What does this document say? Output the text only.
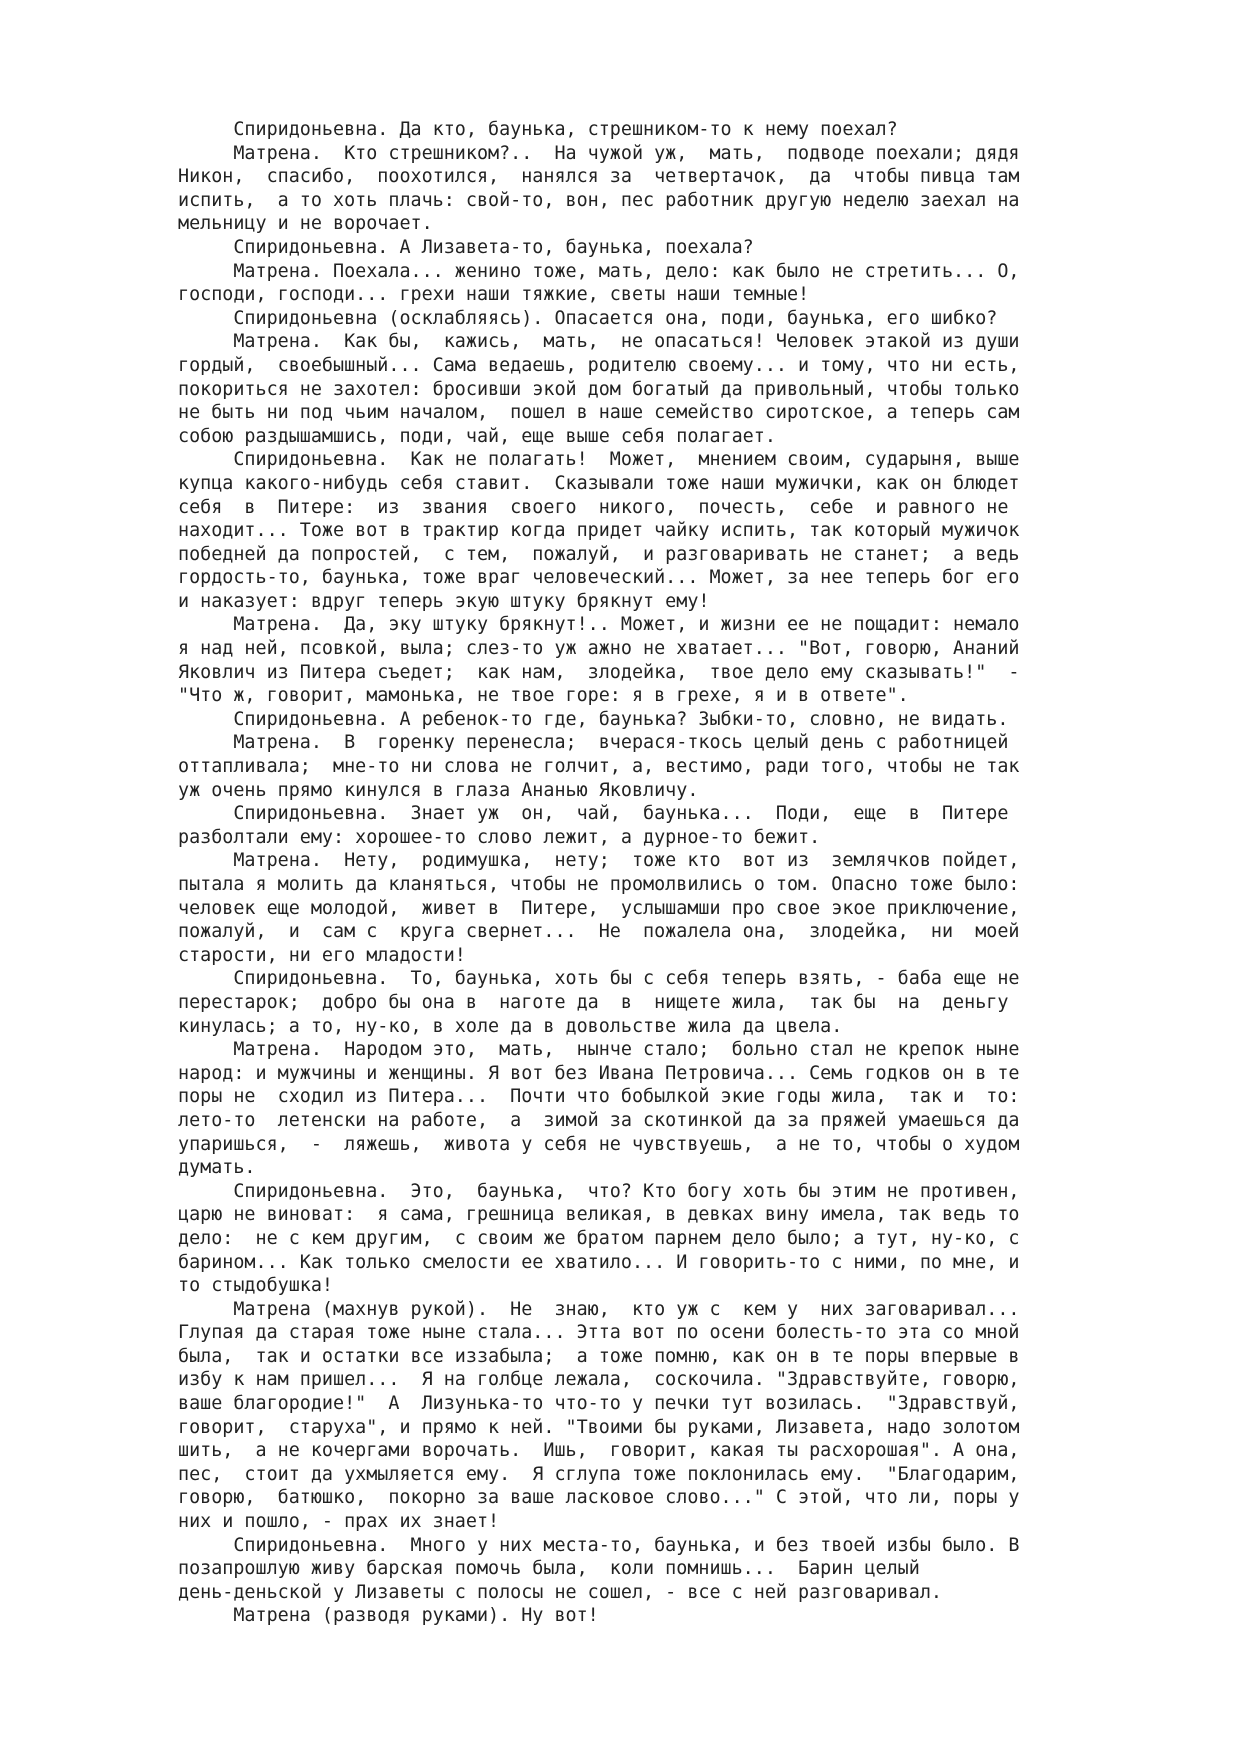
Спиридоньевна. Да кто, баунька, стрешником-то к нему поехал?
Матрена.  Кто стрешником?..  На чужой уж,  мать,  подводе поехали; дядя
Никон,  спасибо,  поохотился,  нанялся за  четвертачок,  да  чтобы пивца там
испить,  а то хоть плачь: свой-то, вон, пес работник другую неделю заехал на
мельницу и не ворочает.
Спиридоньевна. А Лизавета-то, баунька, поехала?
Матрена. Поехала... женино тоже, мать, дело: как было не стретить... О,
господи, господи... грехи наши тяжкие, светы наши темные!
Спиридоньевна (осклабляясь). Опасается она, поди, баунька, его шибко?
Матрена.  Как бы,  кажись,  мать,  не опасаться! Человек этакой из души
гордый,  своебышный... Сама ведаешь, родителю своему... и тому, что ни есть,
покориться не захотел: бросивши экой дом богатый да привольный, чтобы только
не быть ни под чьим началом,  пошел в наше семейство сиротское, а теперь сам
собою раздышамшись, поди, чай, еще выше себя полагает.
Спиридоньевна.  Как не полагать!  Может,  мнением своим, сударыня, выше
купца какого-нибудь себя ставит.  Сказывали тоже наши мужички, как он блюдет
себя  в  Питере:  из  звания  своего  никого,  почесть,  себе  и равного не
находит... Тоже вот в трактир когда придет чайку испить, так который мужичок
победней да попростей,  с тем,  пожалуй,  и разговаривать не станет;  а ведь
гордость-то, баунька, тоже враг человеческий... Может, за нее теперь бог его
и наказует: вдруг теперь экую штуку брякнут ему!
Матрена.  Да, эку штуку брякнут!.. Может, и жизни ее не пощадит: немало
я над ней, псовкой, выла; слез-то уж ажно не хватает... "Вот, говорю, Ананий
Яковлич из Питера съедет;  как нам,  злодейка,  твое дело ему сказывать!"  -
"Что ж, говорит, мамонька, не твое горе: я в грехе, я и в ответе".
Спиридоньевна. А ребенок-то где, баунька? Зыбки-то, словно, не видать.
Матрена.  В  горенку перенесла;  вчерася-ткось целый день с работницей
оттапливала;  мне-то ни слова не голчит, а, вестимо, ради того, чтобы не так
уж очень прямо кинулся в глаза Ананью Яковличу.
Спиридоньевна.  Знает уж  он,  чай,  баунька...  Поди,  еще  в  Питере
разболтали ему: хорошее-то слово лежит, а дурное-то бежит.
Матрена.  Нету,  родимушка,  нету;  тоже кто  вот из  землячков пойдет,
пытала я молить да кланяться, чтобы не промолвились о том. Опасно тоже было:
человек еще молодой,  живет в  Питере,  услышамши про свое экое приключение,
пожалуй,  и  сам с  круга свернет...  Не  пожалела она,  злодейка,  ни  моей
старости, ни его младости!
Спиридоньевна.  То, баунька, хоть бы с себя теперь взять, - баба еще не
перестарок;  добро бы она в  наготе да  в  нищете жила,  так бы  на  деньгу
кинулась; а то, ну-ко, в холе да в довольстве жила да цвела.
Матрена.  Народом это,  мать,  нынче стало;  больно стал не крепок ныне
народ: и мужчины и женщины. Я вот без Ивана Петровича... Семь годков он в те
поры не  сходил из Питера...  Почти что бобылкой экие годы жила,  так и  то:
лето-то  летенски на работе,  а  зимой за скотинкой да за пряжей умаешься да
упаришься,  -  ляжешь,  живота у себя не чувствуешь,  а не то, чтобы о худом
думать.
Спиридоньевна.  Это,  баунька,  что? Кто богу хоть бы этим не противен,
царю не виноват:  я сама, грешница великая, в девках вину имела, так ведь то
дело:  не с кем другим,  с своим же братом парнем дело было; а тут, ну-ко, с
барином... Как только смелости ее хватило... И говорить-то с ними, по мне, и
то стыдобушка!
Матрена (махнув рукой).  Не  знаю,  кто уж с  кем у  них заговаривал...
Глупая да старая тоже ныне стала... Этта вот по осени болесть-то эта со мной
была,  так и остатки все иззабыла;  а тоже помню, как он в те поры впервые в
избу к нам пришел...  Я на голбце лежала,  соскочила. "Здравствуйте, говорю,
ваше благородие!"  А  Лизунька-то что-то у печки тут возилась.  "Здравствуй,
говорит,  старуха", и прямо к ней. "Твоими бы руками, Лизавета, надо золотом
шить,  а не кочергами ворочать.  Ишь,  говорит, какая ты расхорошая". А она,
пес,  стоит да ухмыляется ему.  Я сглупа тоже поклонилась ему.  "Благодарим,
говорю,  батюшко,  покорно за ваше ласковое слово..." С этой, что ли, поры у
них и пошло, - прах их знает!
Спиридоньевна.  Много у них места-то, баунька, и без твоей избы было. В
позапрошлую живу барская помочь была,  коли помнишь...  Барин целый
день-деньской у Лизаветы с полосы не сошел, - все с ней разговаривал.
Матрена (разводя руками). Ну вот!
